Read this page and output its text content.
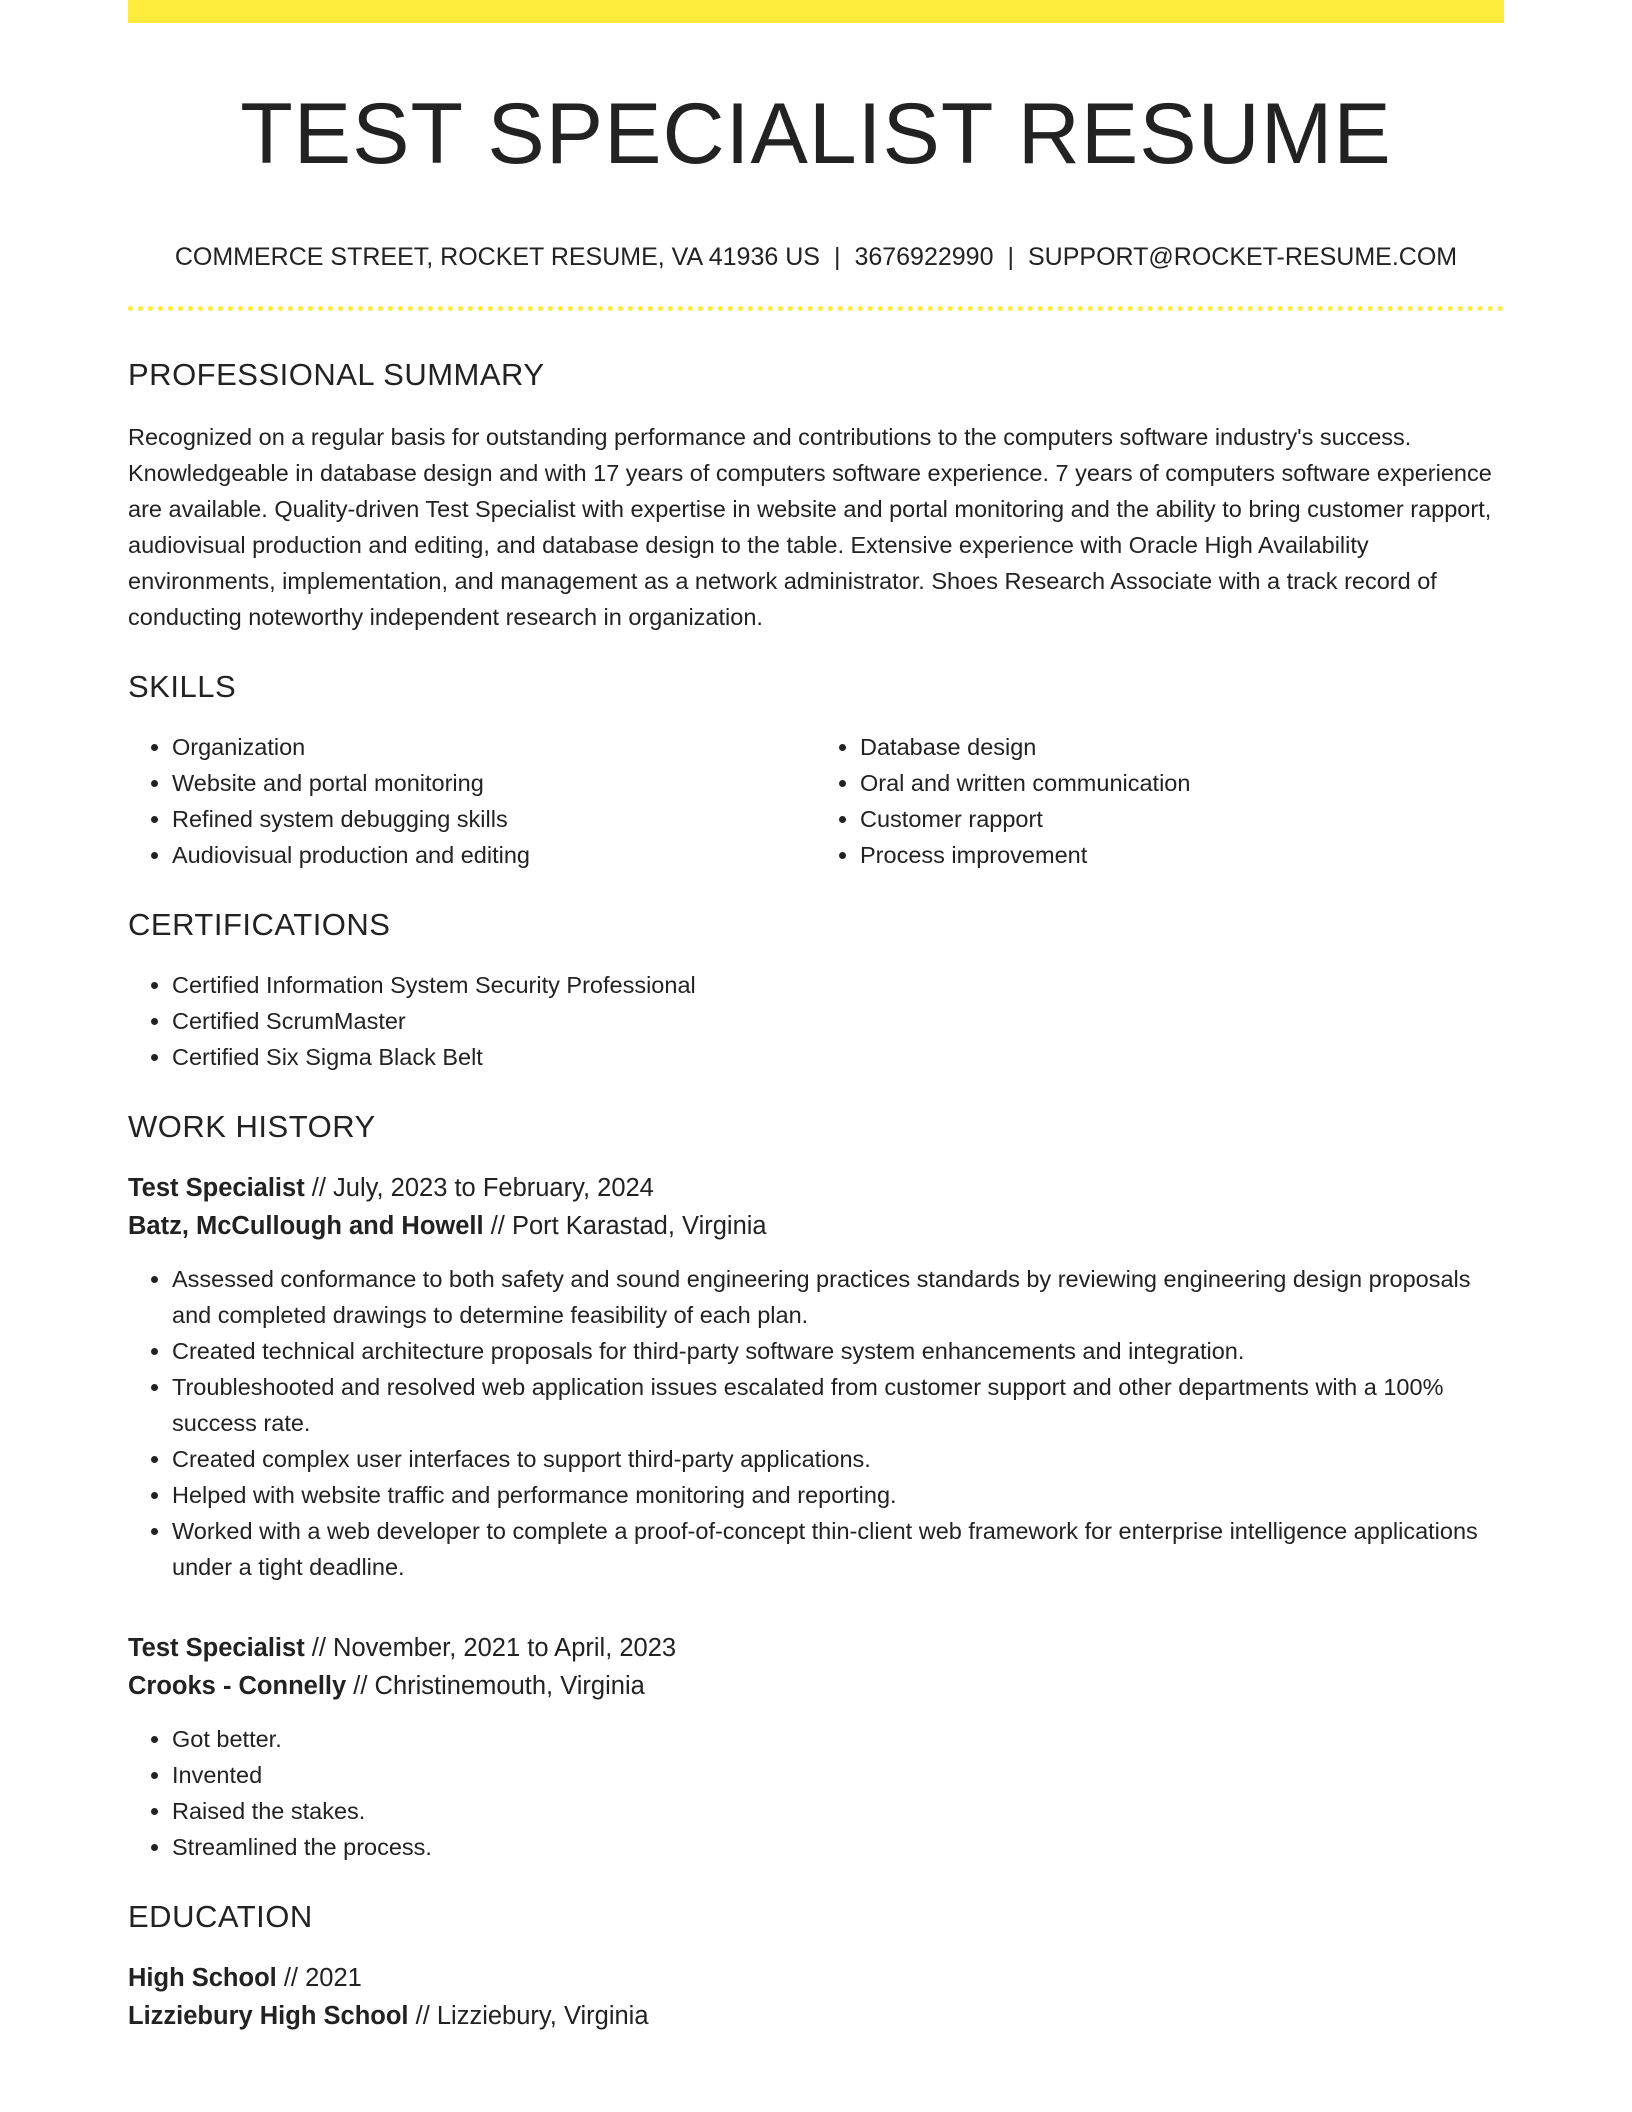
TEST SPECIALIST RESUME
COMMERCE STREET, ROCKET RESUME, VA 41936 US | 3676922990 | SUPPORT@ROCKET-RESUME.COM
PROFESSIONAL SUMMARY

Recognized on a regular basis for outstanding performance and contributions to the computers software industry's success. Knowledgeable in database design and with 17 years of computers software experience. 7 years of computers software experience are available. Quality-driven Test Specialist with expertise in website and portal monitoring and the ability to bring customer rapport, audiovisual production and editing, and database design to the table. Extensive experience with Oracle High Availability environments, implementation, and management as a network administrator. Shoes Research Associate with a track record of conducting noteworthy independent research in organization.

SKILLS
• Organization
• Website and portal monitoring
• Refined system debugging skills
• Audiovisual production and editing
• Database design
• Oral and written communication
• Customer rapport
• Process improvement
CERTIFICATIONS
• Certified Information System Security Professional
• Certified ScrumMaster
• Certified Six Sigma Black Belt
WORK HISTORY
Test Specialist // July, 2023 to February, 2024
Batz, McCullough and Howell // Port Karastad, Virginia
• Assessed conformance to both safety and sound engineering practices standards by reviewing engineering design proposals and completed drawings to determine feasibility of each plan.
• Created technical architecture proposals for third-party software system enhancements and integration.
• Troubleshooted and resolved web application issues escalated from customer support and other departments with a 100% success rate.
• Created complex user interfaces to support third-party applications.
• Helped with website traffic and performance monitoring and reporting.
• Worked with a web developer to complete a proof-of-concept thin-client web framework for enterprise intelligence applications under a tight deadline.
Test Specialist // November, 2021 to April, 2023
Crooks - Connelly // Christinemouth, Virginia
• Got better.
• Invented
• Raised the stakes.
• Streamlined the process.
EDUCATION
High School // 2021
Lizziebury High School // Lizziebury, Virginia
